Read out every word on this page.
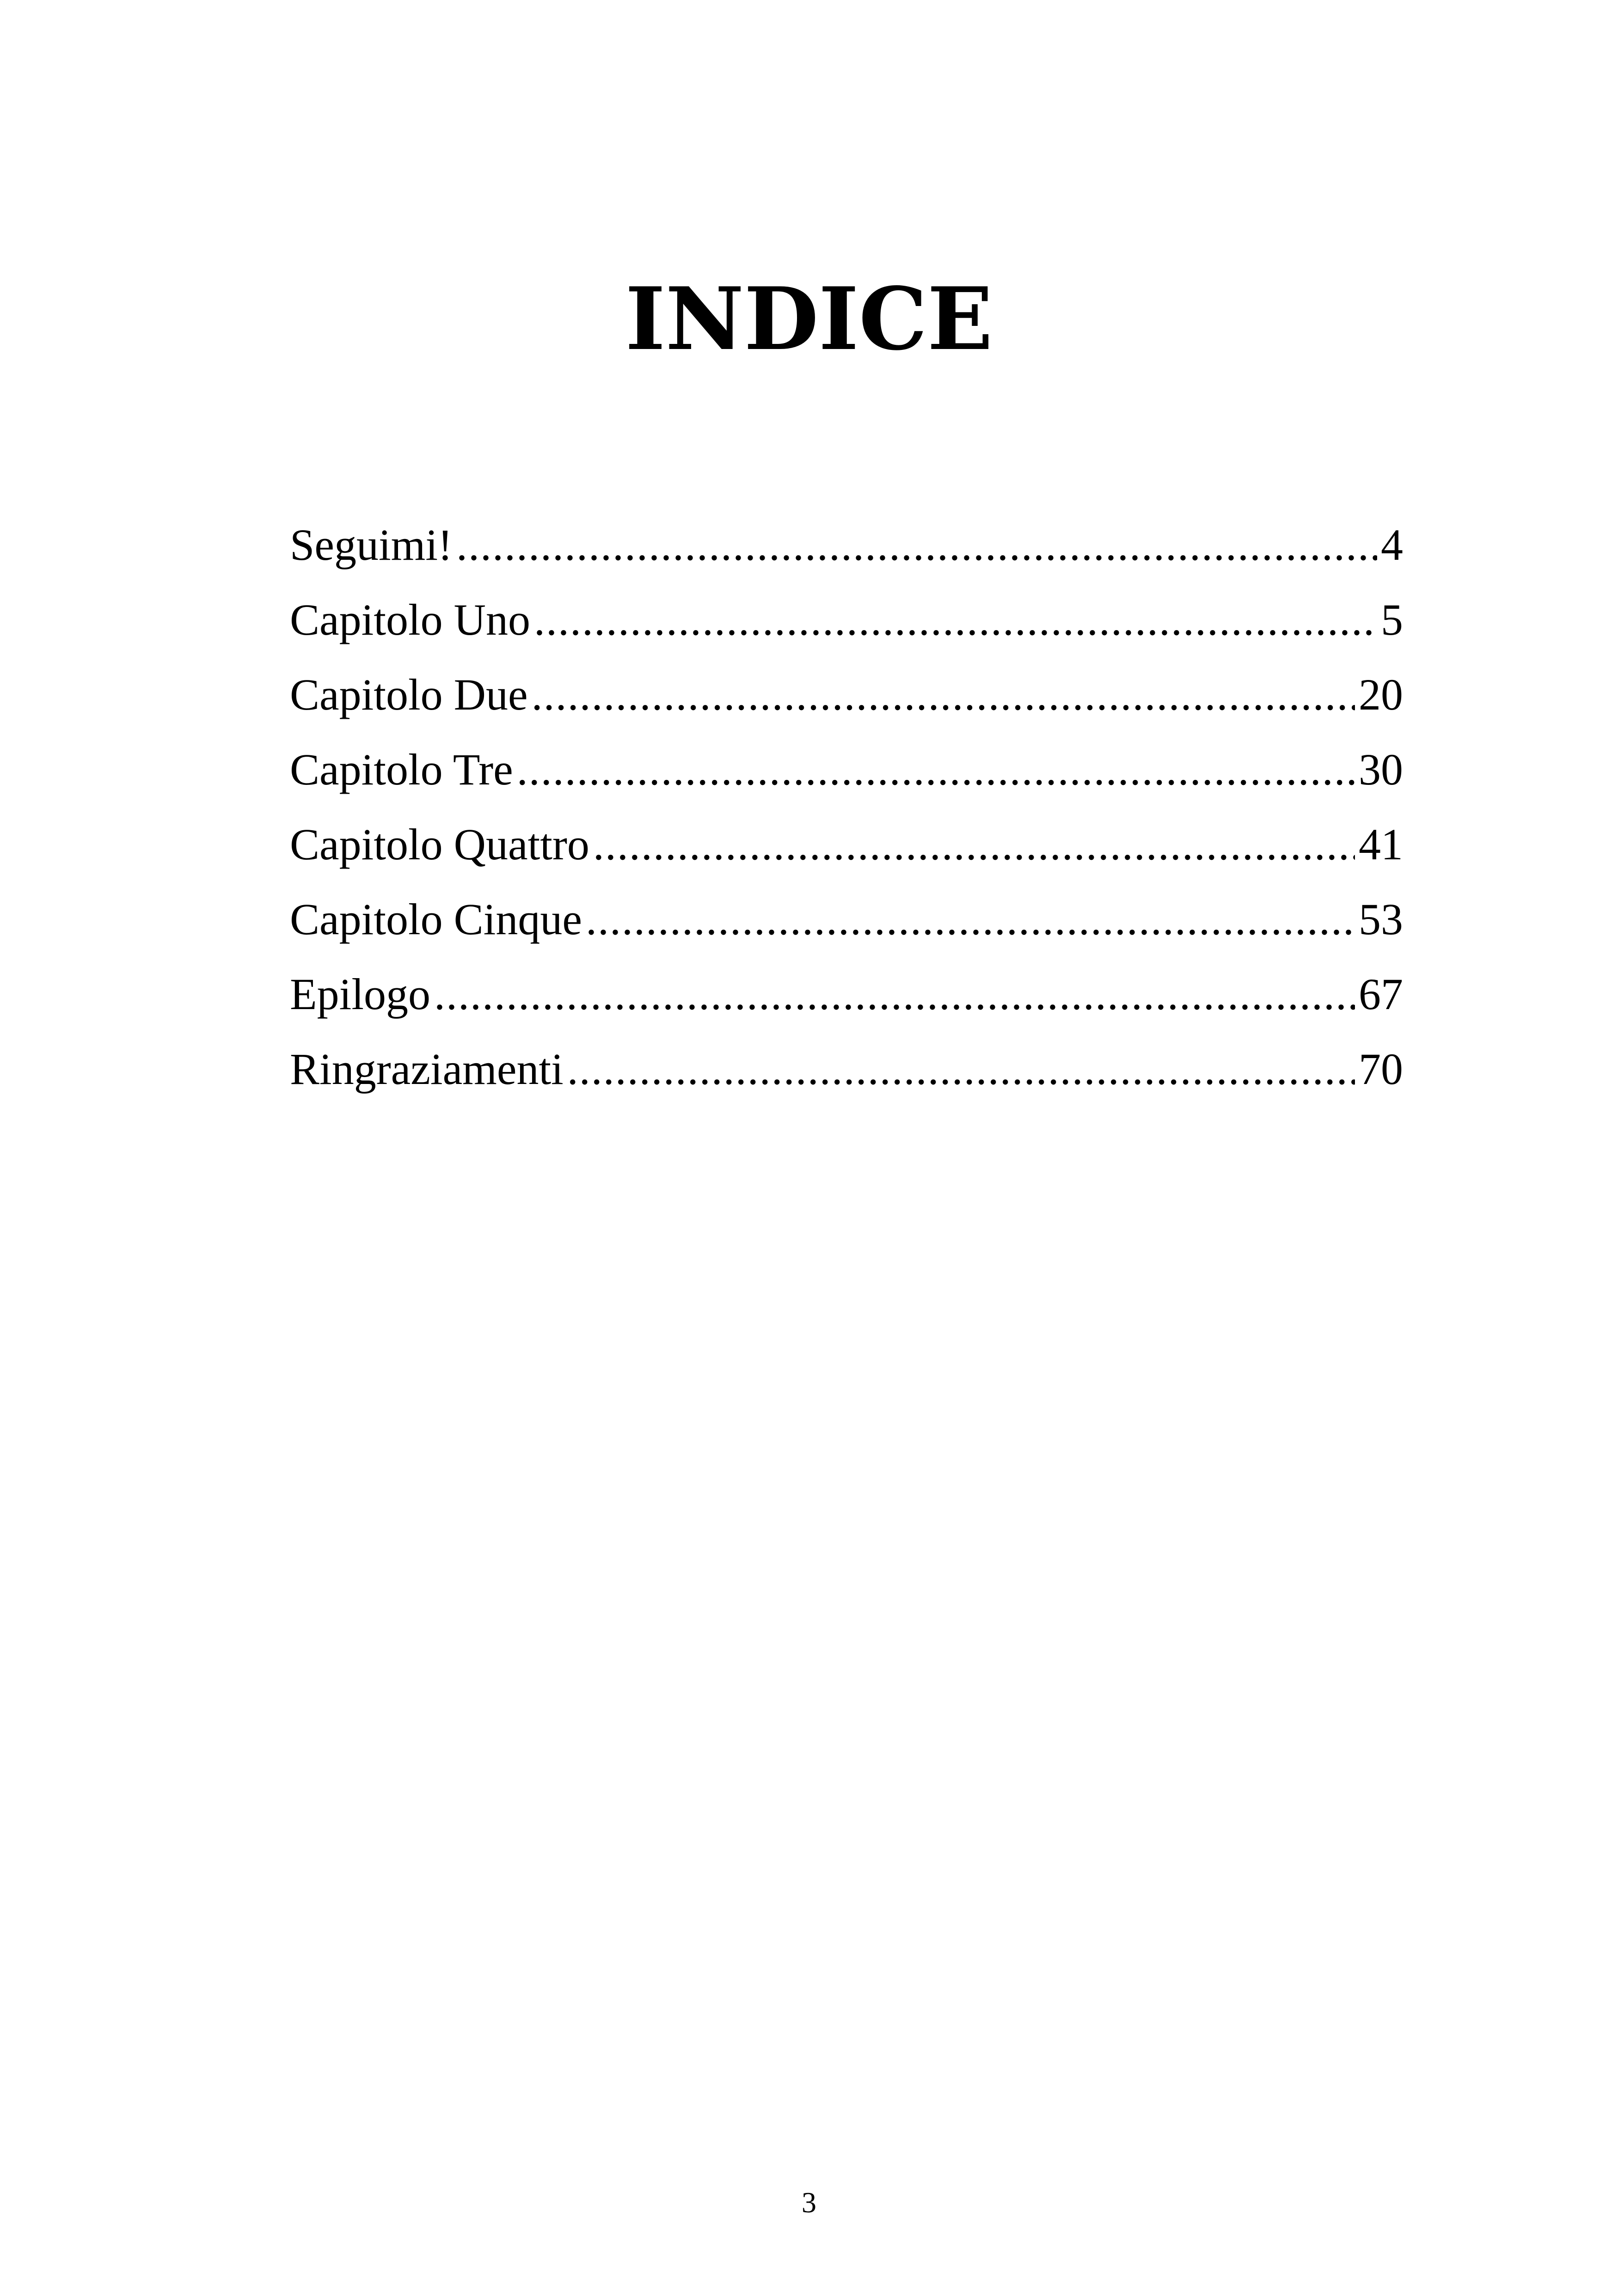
INDICE
Seguimi! .....	4
Capitolo Uno .....	5
Capitolo Due .....	20
Capitolo Tre .....	30
Capitolo Quattro .....	41
Capitolo Cinque .....	53
Epilogo .....	67
Ringraziamenti .....	70
3
